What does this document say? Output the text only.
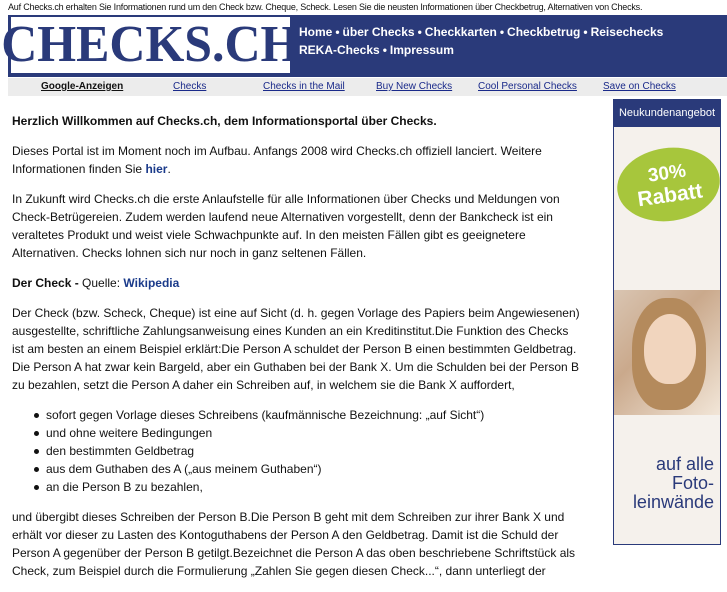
Auf Checks.ch erhalten Sie Informationen rund um den Check bzw. Cheque, Scheck. Lesen Sie die neusten Informationen über Checkbetrug, Alternativen von Checks.
CHECKS.CH Home • über Checks • Checkkarten • Checkbetrug • Reisechecks
REKA-Checks • Impressum
Google-Anzeigen	Checks	Checks in the Mail	Buy New Checks	Cool Personal Checks	Save on Checks

Herzlich Willkommen auf Checks.ch, dem Informationsportal über Checks.

Dieses Portal ist im Moment noch im Aufbau. Anfangs 2008 wird Checks.ch offiziell lanciert. Weitere Informationen finden Sie hier.

In Zukunft wird Checks.ch die erste Anlaufstelle für alle Informationen über Checks und Meldungen von Check-Betrügereien. Zudem werden laufend neue Alternativen vorgestellt, denn der Bankcheck ist ein veraltetes Produkt und weist viele Schwachpunkte auf. In den meisten Fällen gibt es geeignetere Alternativen. Checks lohnen sich nur noch in ganz seltenen Fällen.

Der Check - Quelle: Wikipedia

Der Check (bzw. Scheck, Cheque) ist eine auf Sicht (d. h. gegen Vorlage des Papiers beim Angewiesenen) ausgestellte, schriftliche Zahlungsanweisung eines Kunden an ein Kreditinstitut.Die Funktion des Checks ist am besten an einem Beispiel erklärt:Die Person A schuldet der Person B einen bestimmten Geldbetrag. Die Person A hat zwar kein Bargeld, aber ein Guthaben bei der Bank X. Um die Schulden bei der Person B zu bezahlen, setzt die Person A daher ein Schreiben auf, in welchem sie die Bank X auffordert,

sofort gegen Vorlage dieses Schreibens (kaufmännische Bezeichnung: „auf Sicht“)
und ohne weitere Bedingungen
den bestimmten Geldbetrag
aus dem Guthaben des A („aus meinem Guthaben“)
an die Person B zu bezahlen,

und übergibt dieses Schreiben der Person B.Die Person B geht mit dem Schreiben zur ihrer Bank X und erhält vor dieser zu Lasten des Kontoguthabens der Person A den Geldbetrag. Damit ist die Schuld der Person A gegenüber der Person B getilgt.Bezeichnet die Person A das oben beschriebene Schriftstück als Check, zum Beispiel durch die Formulierung „Zahlen Sie gegen diesen Check...“, dann unterliegt der

Neukundenangebot
30%
Rabatt
auf alle
Foto-
leinwände
